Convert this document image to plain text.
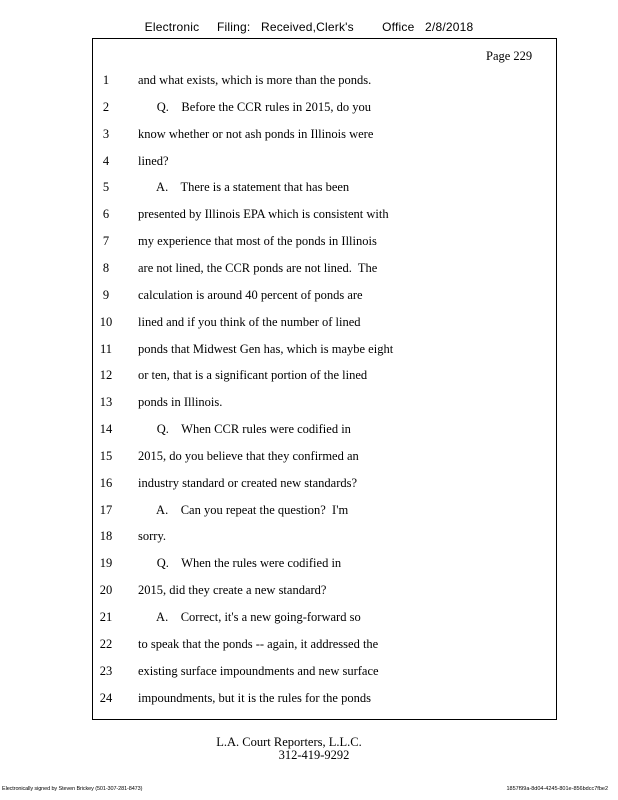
Electronic     Filing:   Received,Clerk's        Office   2/8/2018
Page 229
1	and what exists, which is more than the ponds.
2	Q.    Before the CCR rules in 2015, do you
3	know whether or not ash ponds in Illinois were
4	lined?
5	A.    There is a statement that has been
6	presented by Illinois EPA which is consistent with
7	my experience that most of the ponds in Illinois
8	are not lined, the CCR ponds are not lined.  The
9	calculation is around 40 percent of ponds are
10	lined and if you think of the number of lined
11	ponds that Midwest Gen has, which is maybe eight
12	or ten, that is a significant portion of the lined
13	ponds in Illinois.
14	Q.    When CCR rules were codified in
15	2015, do you believe that they confirmed an
16	industry standard or created new standards?
17	A.    Can you repeat the question?  I'm
18	sorry.
19	Q.    When the rules were codified in
20	2015, did they create a new standard?
21	A.    Correct, it's a new going-forward so
22	to speak that the ponds -- again, it addressed the
23	existing surface impoundments and new surface
24	impoundments, but it is the rules for the ponds
L.A. Court Reporters, L.L.C.
312-419-9292
Electronically signed by Steven Brickey (501-307-281-8473)	1857f99a-8d04-4245-801e-856bdcc7fbe2
